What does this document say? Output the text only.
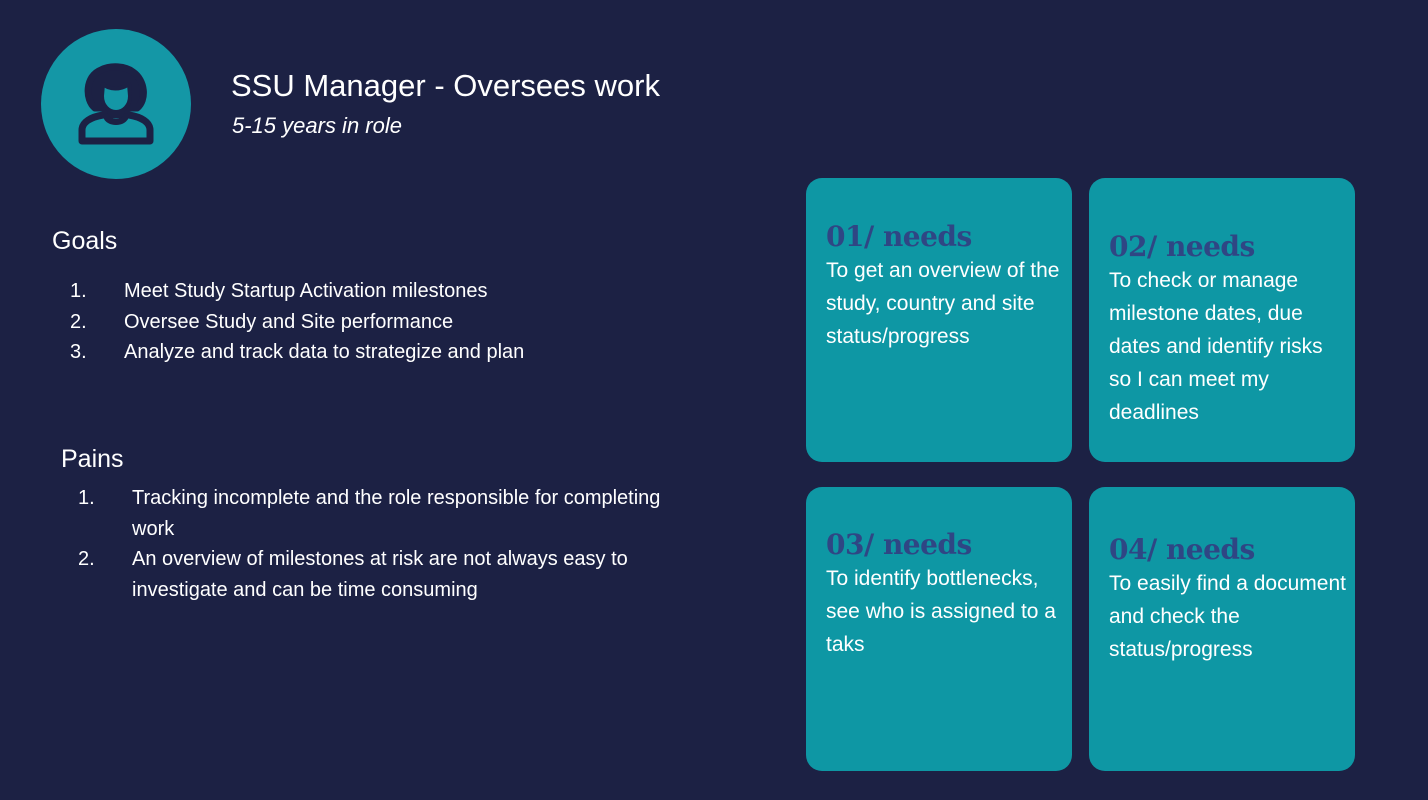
SSU Manager - Oversees work
5-15 years in role
Goals
1. Meet Study Startup Activation milestones
2. Oversee Study and Site performance
3. Analyze and track data to strategize and plan
Pains
1. Tracking incomplete and the role responsible for completing work
2. An overview of milestones at risk are not always easy to investigate and can be time consuming
01/ needs
To get an overview of the study, country and site status/progress
02/ needs
To check or manage milestone dates, due dates and identify risks so I can meet my deadlines
03/ needs
To identify bottlenecks, see who is assigned to a taks
04/ needs
To easily find a document and check the status/progress
